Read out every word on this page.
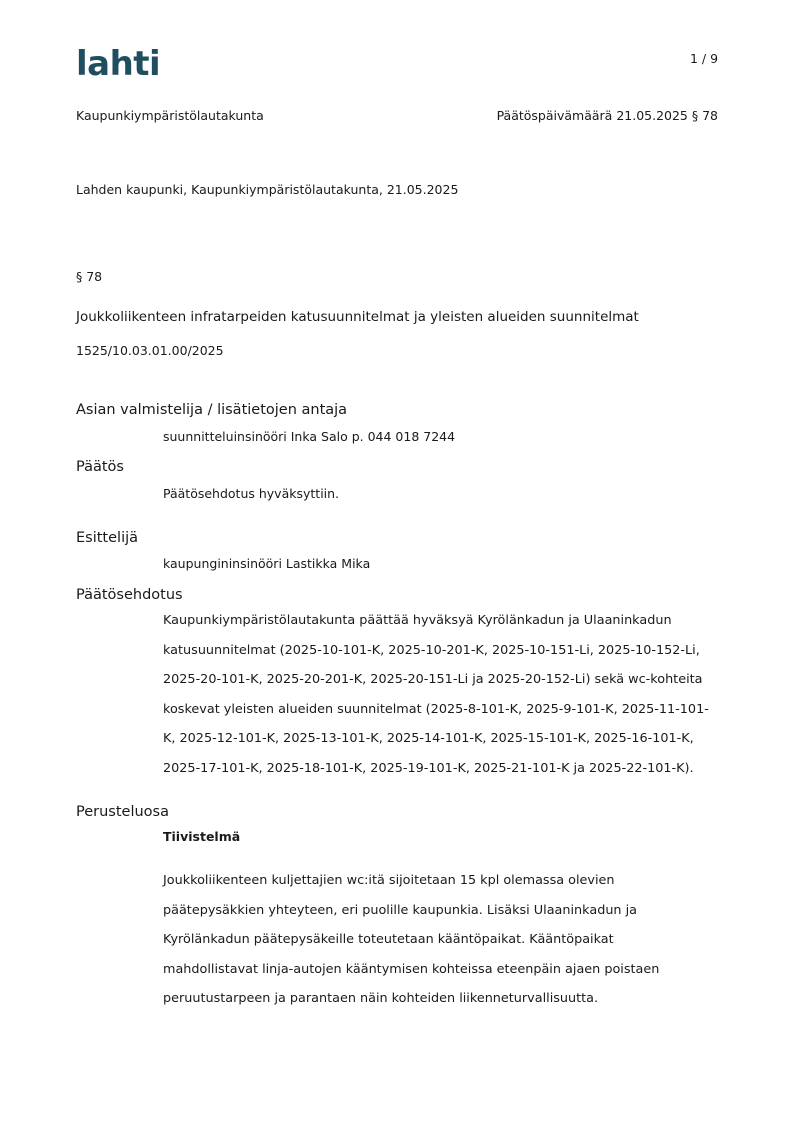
lahti	1 / 9
Kaupunkiympäristölautakunta	Päätöspäivämäärä 21.05.2025 § 78
Lahden kaupunki, Kaupunkiympäristölautakunta, 21.05.2025
§ 78
Joukkoliikenteen infratarpeiden katusuunnitelmat ja yleisten alueiden suunnitelmat
1525/10.03.01.00/2025
Asian valmistelija / lisätietojen antaja
suunnitteluinsinööri Inka Salo p. 044 018 7244
Päätös
Päätösehdotus hyväksyttiin.
Esittelijä
kaupungininsinööri Lastikka Mika
Päätösehdotus
Kaupunkiympäristölautakunta päättää hyväksyä Kyrölänkadun ja Ulaaninkadun
katusuunnitelmat (2025-10-101-K, 2025-10-201-K, 2025-10-151-Li, 2025-10-152-Li,
2025-20-101-K, 2025-20-201-K, 2025-20-151-Li ja 2025-20-152-Li) sekä wc-kohteita
koskevat yleisten alueiden suunnitelmat (2025-8-101-K, 2025-9-101-K, 2025-11-101-
K, 2025-12-101-K, 2025-13-101-K, 2025-14-101-K, 2025-15-101-K, 2025-16-101-K,
2025-17-101-K, 2025-18-101-K, 2025-19-101-K, 2025-21-101-K ja 2025-22-101-K).
Perusteluosa
Tiivistelmä
Joukkoliikenteen kuljettajien wc:itä sijoitetaan 15 kpl olemassa olevien
päätepysäkkien yhteyteen, eri puolille kaupunkia. Lisäksi Ulaaninkadun ja
Kyrölänkadun päätepysäkeille toteutetaan kääntöpaikat. Kääntöpaikat
mahdollistavat linja-autojen kääntymisen kohteissa eteenpäin ajaen poistaen
peruutustarpeen ja parantaen näin kohteiden liikenneturvallisuutta.
